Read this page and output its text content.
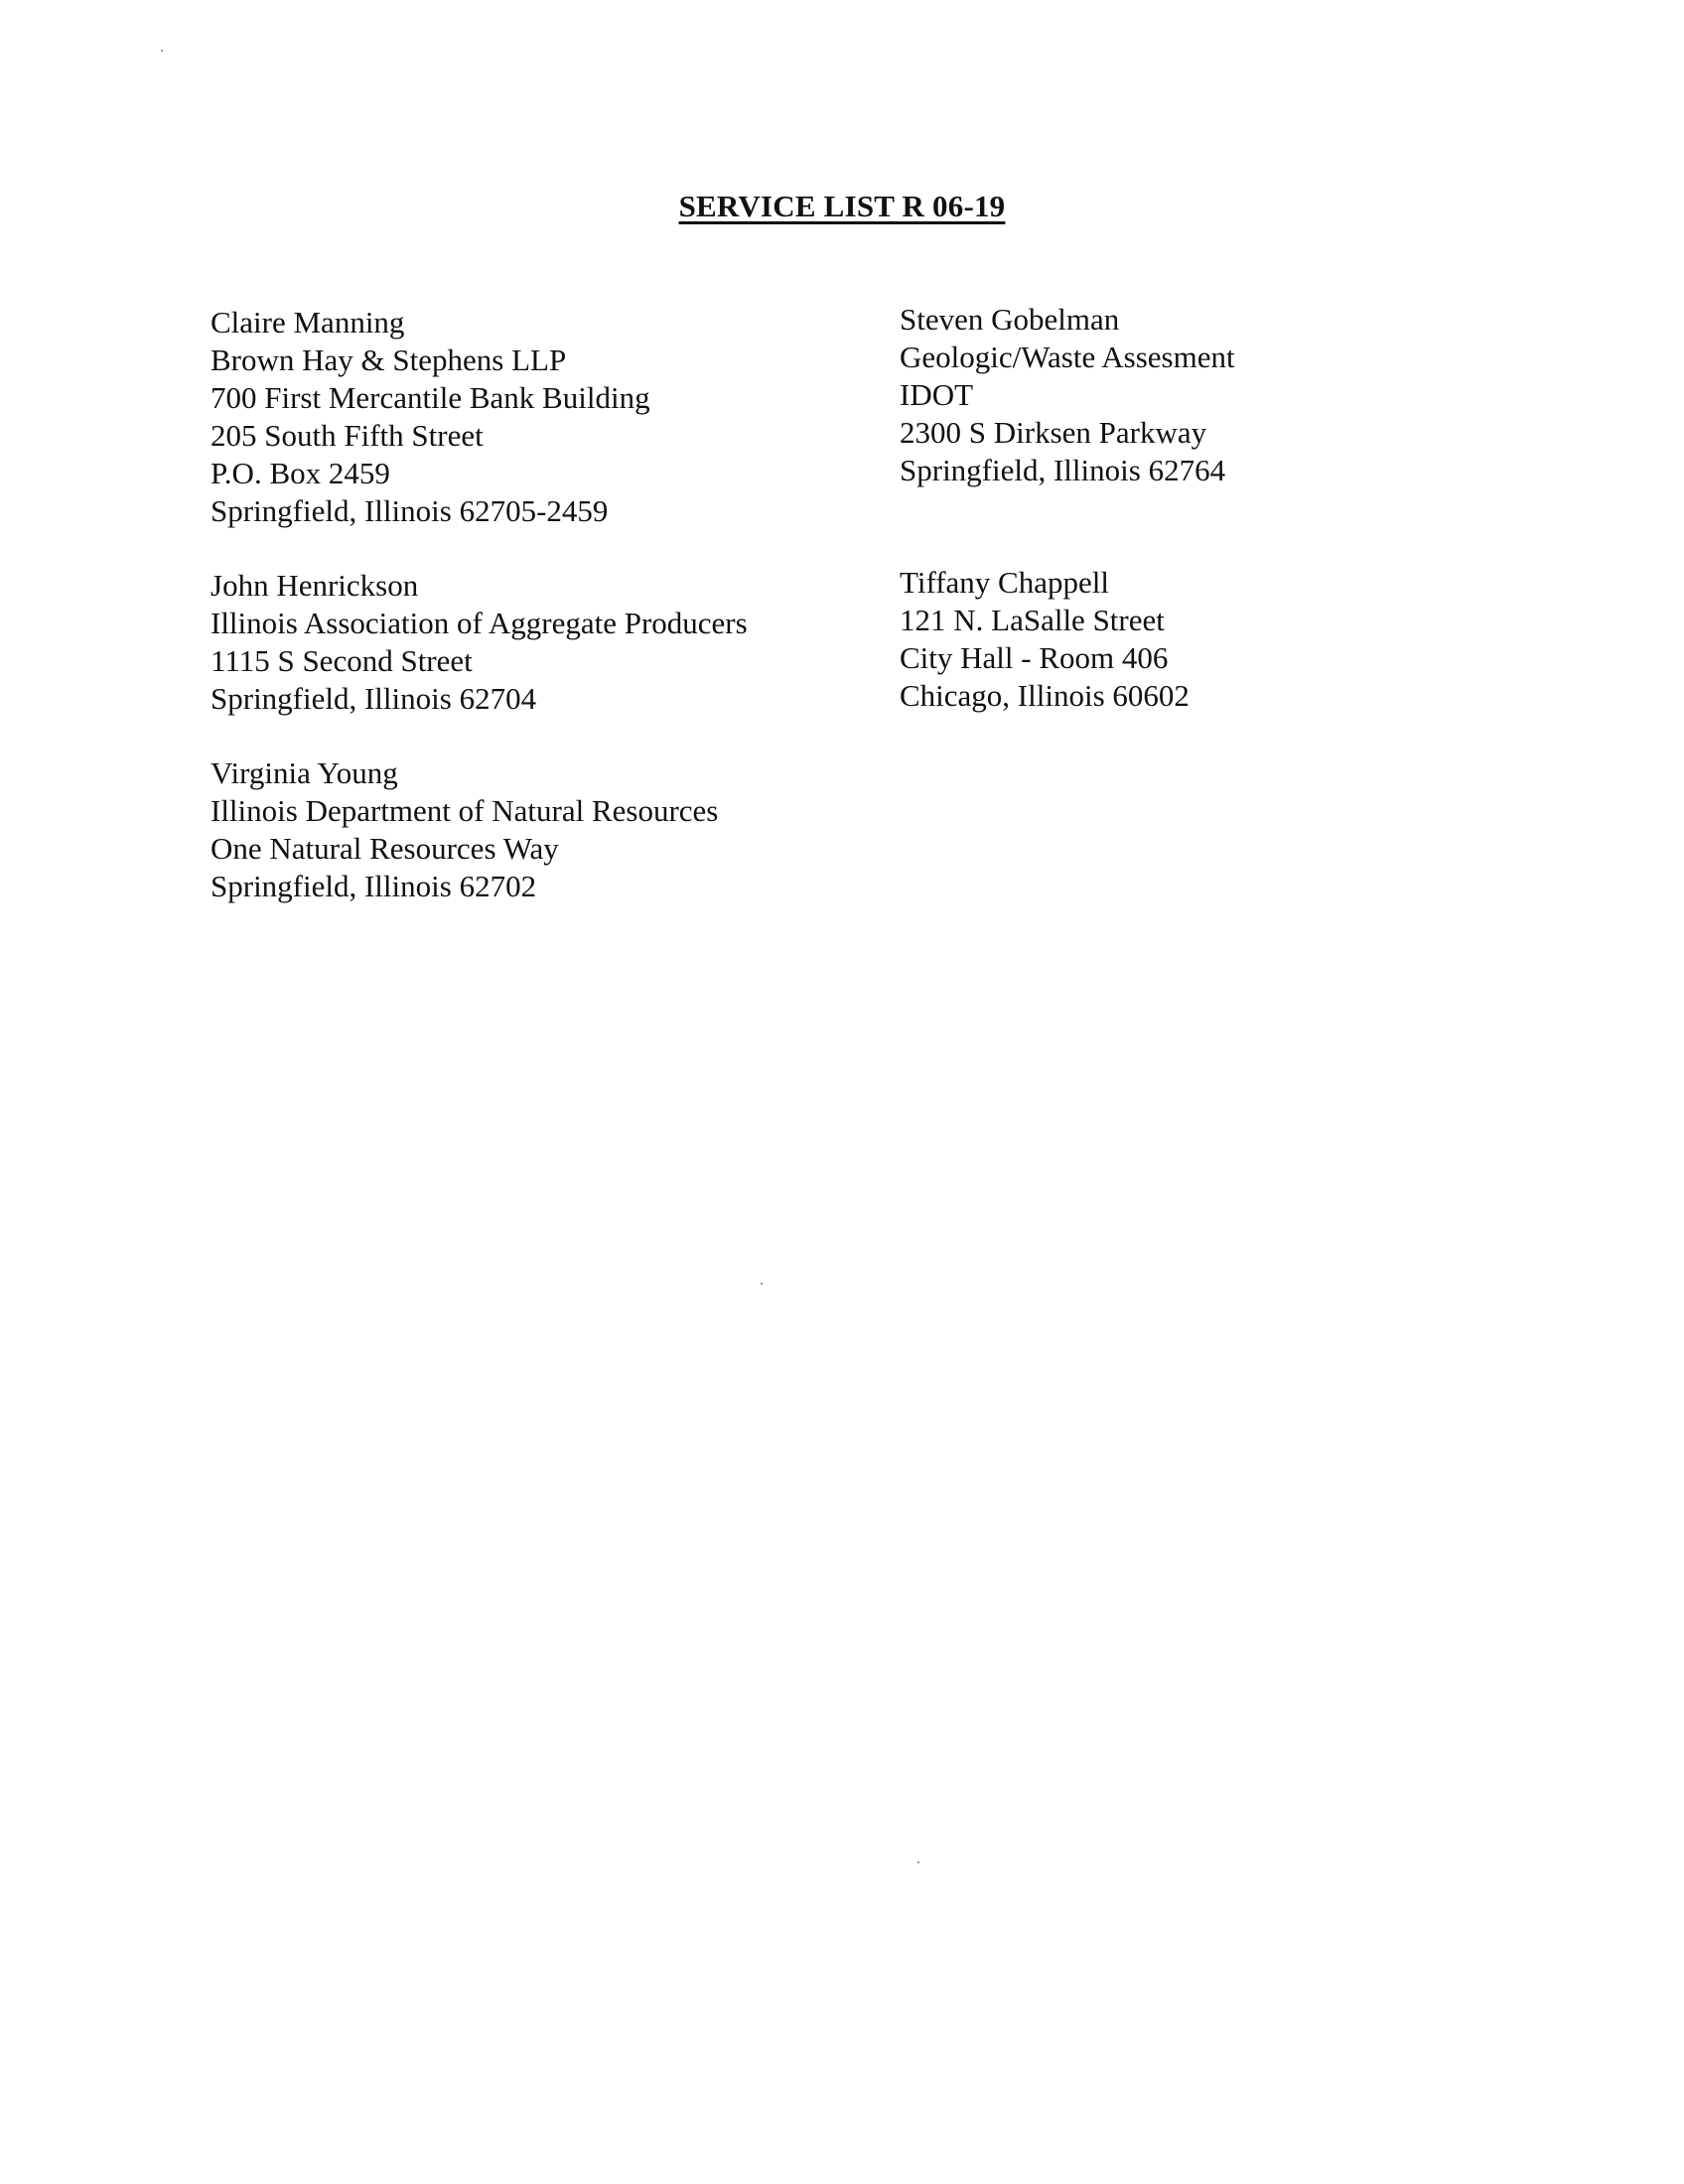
SERVICE LIST R 06-19
Claire Manning
Brown Hay & Stephens LLP
700 First Mercantile Bank Building
205 South Fifth Street
P.O. Box 2459
Springfield, Illinois 62705-2459
John Henrickson
Illinois Association of Aggregate Producers
1115 S Second Street
Springfield, Illinois 62704
Virginia Young
Illinois Department of Natural Resources
One Natural Resources Way
Springfield, Illinois 62702
Steven Gobelman
Geologic/Waste Assesment
IDOT
2300 S Dirksen Parkway
Springfield, Illinois 62764
Tiffany Chappell
121 N. LaSalle Street
City Hall - Room 406
Chicago, Illinois 60602
